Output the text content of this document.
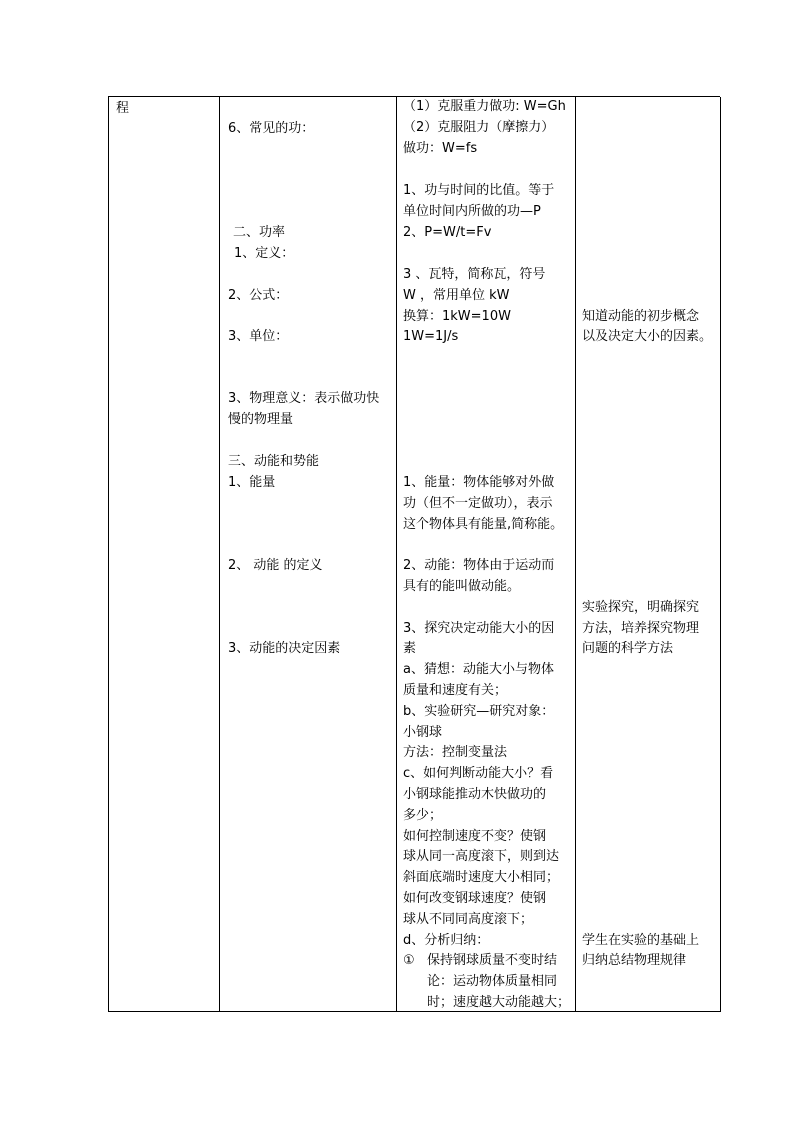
程
6、常见的功：
二、功率
1、定义：
2、公式：
3、单位：
3、物理意义：表示做功快
慢的物理量
三、动能和势能
1、能量
2、 动能 的定义
3、动能的决定因素
（1）克服重力做功: W=Gh
（2）克服阻力（摩擦力）
做功：W=fs
1、功与时间的比值。等于
单位时间内所做的功—P
2、P=W/t=Fv
3 、瓦特，简称瓦，符号
W ，常用单位 kW
换算：1kW=10W
1W=1J/s
1、能量：物体能够对外做
功（但不一定做功），表示
这个物体具有能量,简称能。
2、动能：物体由于运动而
具有的能叫做动能。
3、探究决定动能大小的因
素
a、猜想：动能大小与物体
质量和速度有关；
b、实验研究—研究对象：
小钢球
方法：控制变量法
c、如何判断动能大小？看
小钢球能推动木快做功的
多少；
如何控制速度不变？使钢
球从同一高度滚下，则到达
斜面底端时速度大小相同；
如何改变钢球速度？使钢
球从不同同高度滚下；
d、分析归纳：
① 保持钢球质量不变时结
论：运动物体质量相同
时；速度越大动能越大；
知道动能的初步概念
以及决定大小的因素。
实验探究，明确探究
方法，培养探究物理
问题的科学方法
学生在实验的基础上
归纳总结物理规律
